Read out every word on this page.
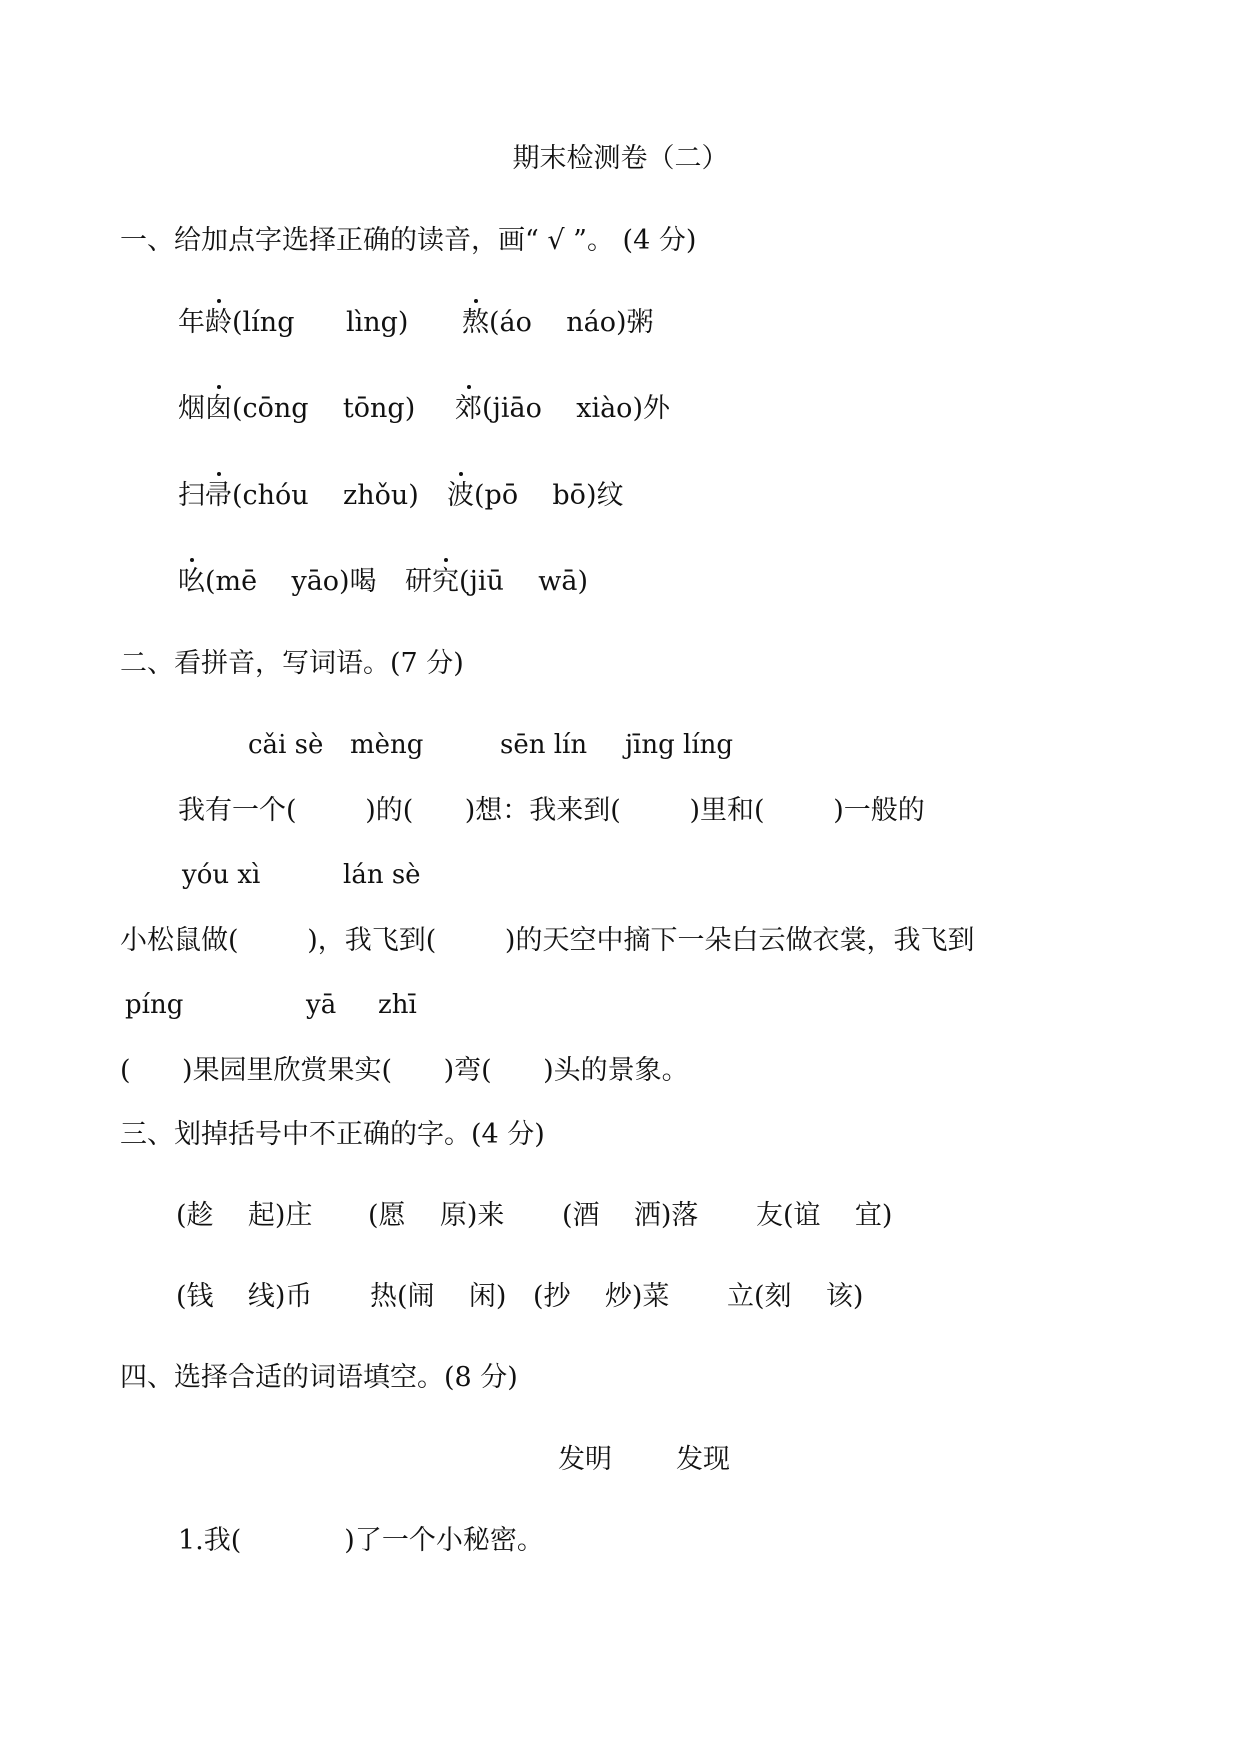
期末检测卷（二）
一、给加点字选择正确的读音，画“ √ ”。 (4 分)
年龄(líng      lìng) 熬(áo    náo)粥
烟囱(cōng    tōng) 郊(jiāo    xiào)外
扫帚(chóu    zhǒu) 波(pō    bō)纹
吆(mē    yāo)喝 研究(jiū    wā)
二、看拼音，写词语。(7 分)
cǎi sè mèng	sēn lín jīng líng
我有一个(        )的(      )想：我来到(        )里和(        )一般的
yóu xì	lán sè
小松鼠做(        )，我飞到(        )的天空中摘下一朵白云做衣裳，我飞到
píng	yā zhī
(      )果园里欣赏果实(      )弯(      )头的景象。
三、划掉括号中不正确的字。(4 分)
(趁    起)庄 (愿    原)来 (酒    洒)落 友(谊    宜)
(钱    线)币 热(闹    闲) (抄    炒)菜 立(刻    该)
四、选择合适的词语填空。(8 分)
发明 发现
1.我(            )了一个小秘密。
